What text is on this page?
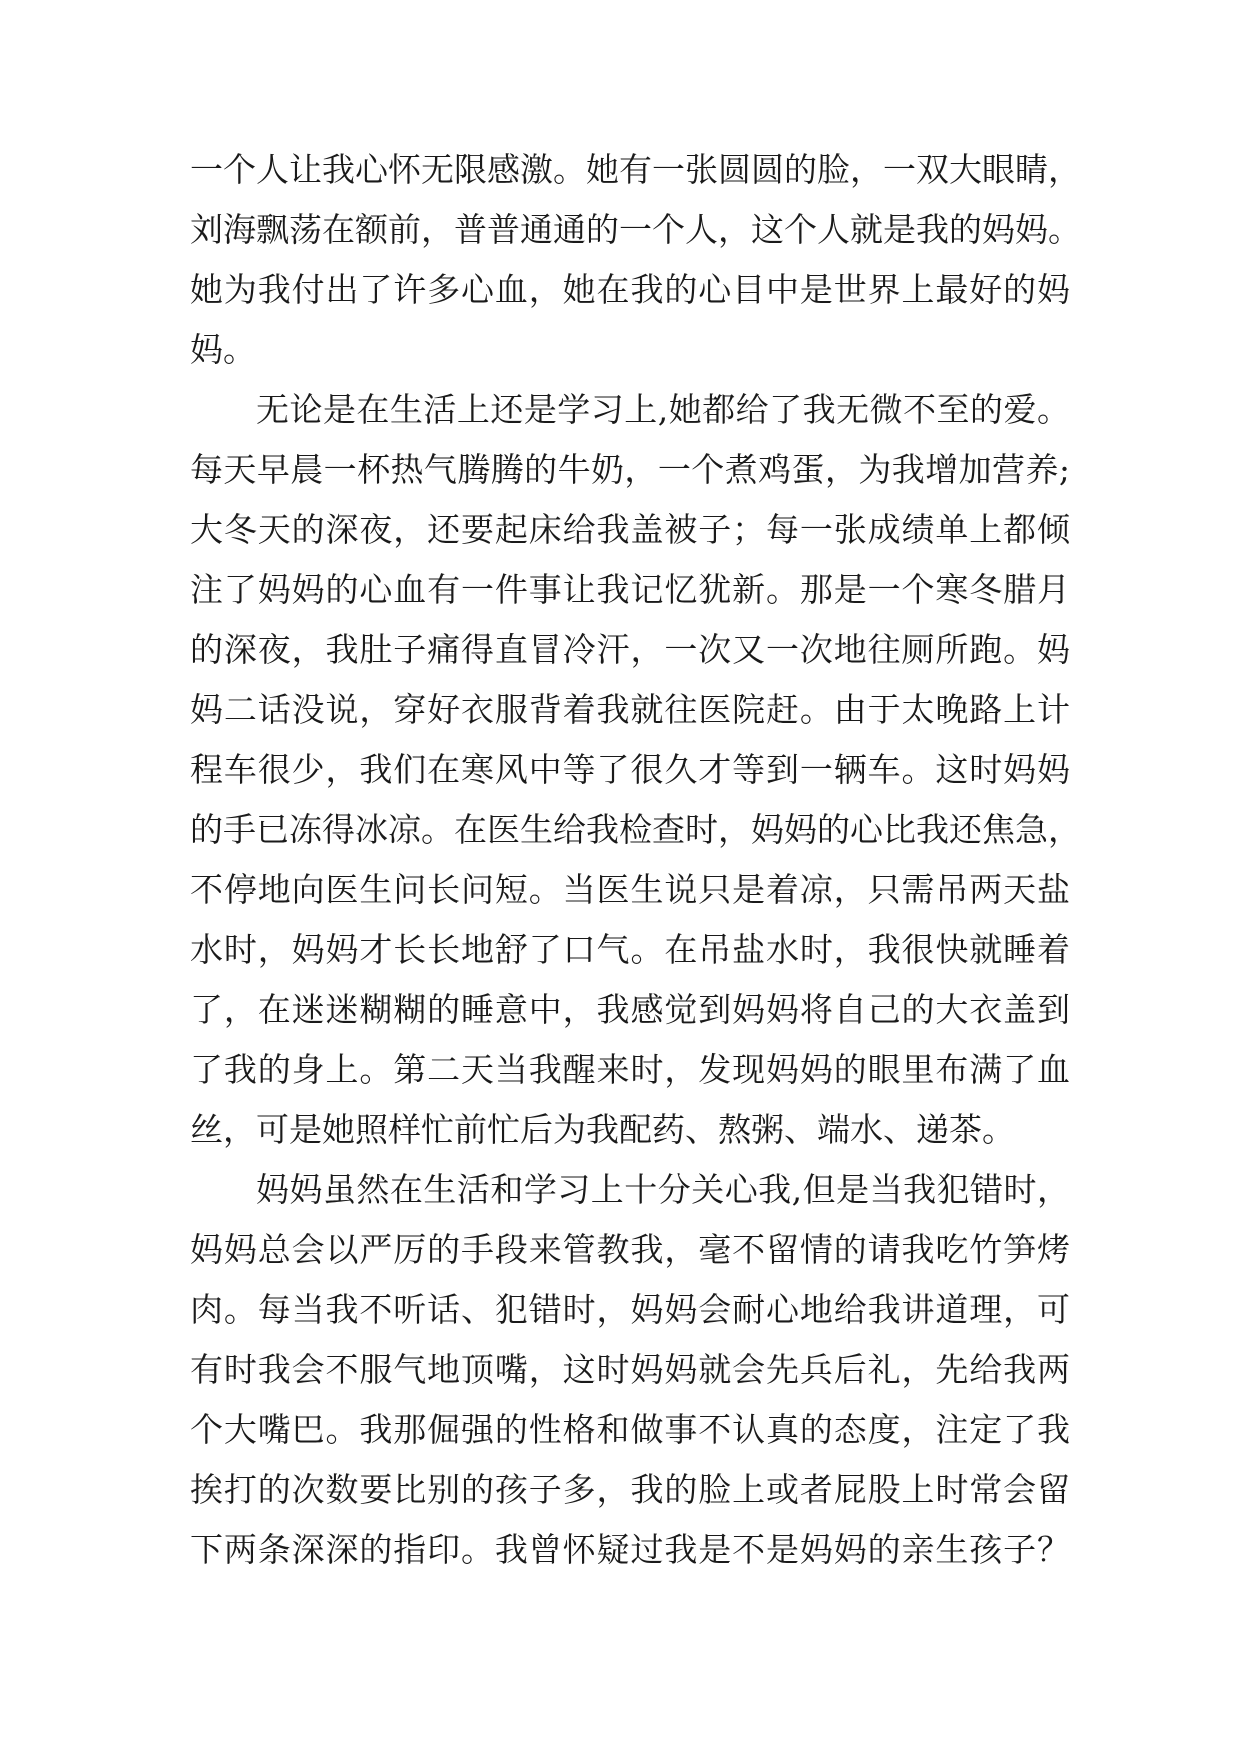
一个人让我心怀无限感激。她有一张圆圆的脸，一双大眼睛，
刘海飘荡在额前，普普通通的一个人，这个人就是我的妈妈。
她为我付出了许多心血，她在我的心目中是世界上最好的妈
妈。
无论是在生活上还是学习上,她都给了我无微不至的爱。
每天早晨一杯热气腾腾的牛奶，一个煮鸡蛋，为我增加营养;
大冬天的深夜，还要起床给我盖被子；每一张成绩单上都倾
注了妈妈的心血有一件事让我记忆犹新。那是一个寒冬腊月
的深夜，我肚子痛得直冒冷汗，一次又一次地往厕所跑。妈
妈二话没说，穿好衣服背着我就往医院赶。由于太晚路上计
程车很少，我们在寒风中等了很久才等到一辆车。这时妈妈
的手已冻得冰凉。在医生给我检查时，妈妈的心比我还焦急，
不停地向医生问长问短。当医生说只是着凉，只需吊两天盐
水时，妈妈才长长地舒了口气。在吊盐水时，我很快就睡着
了，在迷迷糊糊的睡意中，我感觉到妈妈将自己的大衣盖到
了我的身上。第二天当我醒来时，发现妈妈的眼里布满了血
丝，可是她照样忙前忙后为我配药、熬粥、端水、递茶。
妈妈虽然在生活和学习上十分关心我,但是当我犯错时，
妈妈总会以严厉的手段来管教我，毫不留情的请我吃竹笋烤
肉。每当我不听话、犯错时，妈妈会耐心地给我讲道理，可
有时我会不服气地顶嘴，这时妈妈就会先兵后礼，先给我两
个大嘴巴。我那倔强的性格和做事不认真的态度，注定了我
挨打的次数要比别的孩子多，我的脸上或者屁股上时常会留
下两条深深的指印。我曾怀疑过我是不是妈妈的亲生孩子？
